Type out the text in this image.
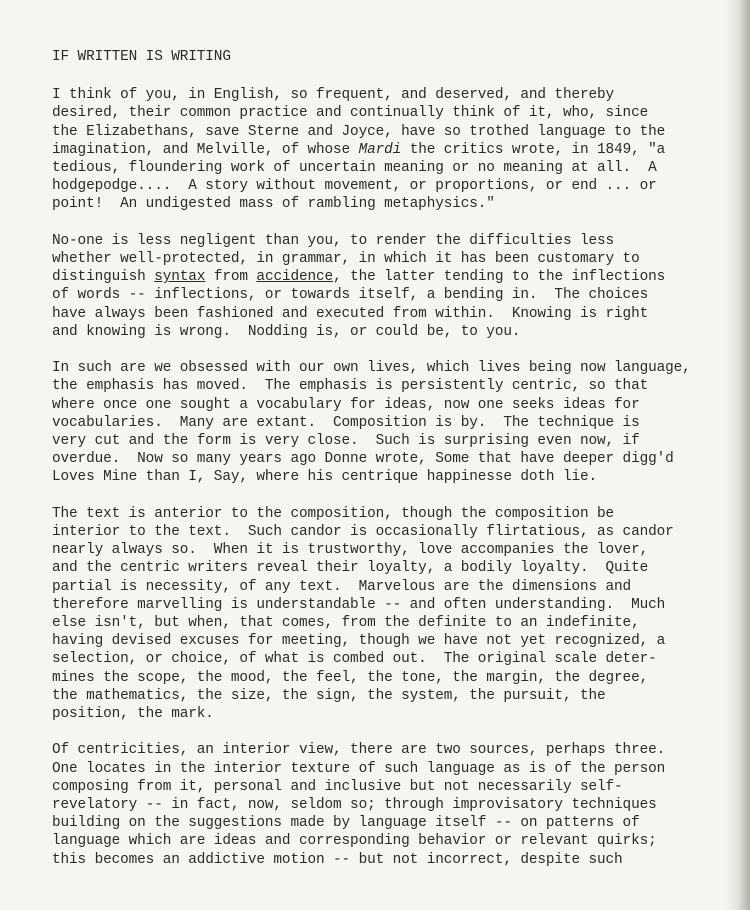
IF WRITTEN IS WRITING
I think of you, in English, so frequent, and deserved, and thereby
desired, their common practice and continually think of it, who, since
the Elizabethans, save Sterne and Joyce, have so trothed language to the
imagination, and Melville, of whose Mardi the critics wrote, in 1849, "a
tedious, floundering work of uncertain meaning or no meaning at all.  A
hodgepodge....  A story without movement, or proportions, or end ... or
point!  An undigested mass of rambling metaphysics."
No-one is less negligent than you, to render the difficulties less
whether well-protected, in grammar, in which it has been customary to
distinguish syntax from accidence, the latter tending to the inflections
of words -- inflections, or towards itself, a bending in.  The choices
have always been fashioned and executed from within.  Knowing is right
and knowing is wrong.  Nodding is, or could be, to you.
In such are we obsessed with our own lives, which lives being now language,
the emphasis has moved.  The emphasis is persistently centric, so that
where once one sought a vocabulary for ideas, now one seeks ideas for
vocabularies.  Many are extant.  Composition is by.  The technique is
very cut and the form is very close.  Such is surprising even now, if
overdue.  Now so many years ago Donne wrote, Some that have deeper digg'd
Loves Mine than I, Say, where his centrique happinesse doth lie.
The text is anterior to the composition, though the composition be
interior to the text.  Such candor is occasionally flirtatious, as candor
nearly always so.  When it is trustworthy, love accompanies the lover,
and the centric writers reveal their loyalty, a bodily loyalty.  Quite
partial is necessity, of any text.  Marvelous are the dimensions and
therefore marvelling is understandable -- and often understanding.  Much
else isn't, but when, that comes, from the definite to an indefinite,
having devised excuses for meeting, though we have not yet recognized, a
selection, or choice, of what is combed out.  The original scale deter-
mines the scope, the mood, the feel, the tone, the margin, the degree,
the mathematics, the size, the sign, the system, the pursuit, the
position, the mark.
Of centricities, an interior view, there are two sources, perhaps three.
One locates in the interior texture of such language as is of the person
composing from it, personal and inclusive but not necessarily self-
revelatory -- in fact, now, seldom so; through improvisatory techniques
building on the suggestions made by language itself -- on patterns of
language which are ideas and corresponding behavior or relevant quirks;
this becomes an addictive motion -- but not incorrect, despite such
